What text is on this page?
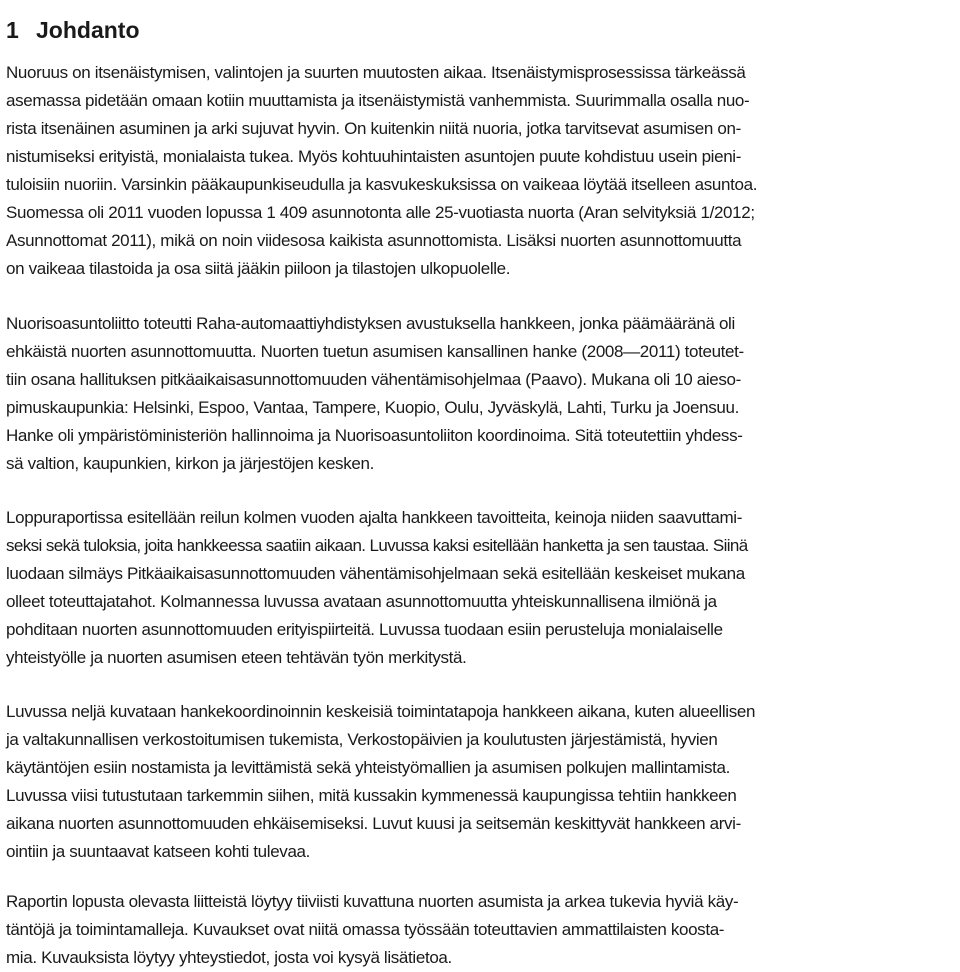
1 Johdanto
Nuoruus on itsenäistymisen, valintojen ja suurten muutosten aikaa. Itsenäistymisprosessissa tärkeässä
asemassa pidetään omaan kotiin muuttamista ja itsenäistymistä vanhemmista. Suurimmalla osalla nuo-
rista itsenäinen asuminen ja arki sujuvat hyvin. On kuitenkin niitä nuoria, jotka tarvitsevat asumisen on-
nistumiseksi erityistä, monialaista tukea. Myös kohtuuhintaisten asuntojen puute kohdistuu usein pieni-
tuloisiin nuoriin. Varsinkin pääkaupunkiseudulla ja kasvukeskuksissa on vaikeaa löytää itselleen asuntoa.
Suomessa oli 2011 vuoden lopussa 1 409 asunnotonta alle 25-vuotiasta nuorta (Aran selvityksiä 1/2012;
Asunnottomat 2011), mikä on noin viidesosa kaikista asunnottomista. Lisäksi nuorten asunnottomuutta
on vaikeaa tilastoida ja osa siitä jääkin piiloon ja tilastojen ulkopuolelle.
Nuorisoasuntoliitto toteutti Raha-automaattiyhdistyksen avustuksella hankkeen, jonka päämääränä oli
ehkäistä nuorten asunnottomuutta. Nuorten tuetun asumisen kansallinen hanke (2008—2011) toteutet-
tiin osana hallituksen pitkäaikaisasunnottomuuden vähentämisohjelmaa (Paavo). Mukana oli 10 aieso-
pimuskaupunkia: Helsinki, Espoo, Vantaa, Tampere, Kuopio, Oulu, Jyväskylä, Lahti, Turku ja Joensuu.
Hanke oli ympäristöministeriön hallinnoima ja Nuorisoasuntoliiton koordinoima. Sitä toteutettiin yhdess-
sä valtion, kaupunkien, kirkon ja järjestöjen kesken.
Loppuraportissa esitellään reilun kolmen vuoden ajalta hankkeen tavoitteita, keinoja niiden saavuttami-
seksi sekä tuloksia, joita hankkeessa saatiin aikaan. Luvussa kaksi esitellään hanketta ja sen taustaa. Siinä
luodaan silmäys Pitkäaikaisasunnottomuuden vähentämisohjelmaan sekä esitellään keskeiset mukana
olleet toteuttajatahot. Kolmannessa luvussa avataan asunnottomuutta yhteiskunnallisena ilmiönä ja
pohditaan nuorten asunnottomuuden erityispiirteitä. Luvussa tuodaan esiin perusteluja monialaiselle
yhteistyölle ja nuorten asumisen eteen tehtävän työn merkitystä.
Luvussa neljä kuvataan hankekoordinoinnin keskeisiä toimintatapoja hankkeen aikana, kuten alueellisen
ja valtakunnallisen verkostoitumisen tukemista, Verkostopäivien ja koulutusten järjestämistä, hyvien
käytäntöjen esiin nostamista ja levittämistä sekä yhteistyömallien ja asumisen polkujen mallintamista.
Luvussa viisi tutustutaan tarkemmin siihen, mitä kussakin kymmenessä kaupungissa tehtiin hankkeen
aikana nuorten asunnottomuuden ehkäisemiseksi. Luvut kuusi ja seitsemän keskittyvät hankkeen arvi-
ointiin ja suuntaavat katseen kohti tulevaa.
Raportin lopusta olevasta liitteistä löytyy tiiviisti kuvattuna nuorten asumista ja arkea tukevia hyviä käy-
täntöjä ja toimintamalleja. Kuvaukset ovat niitä omassa työssään toteuttavien ammattilaisten koosta-
mia. Kuvauksista löytyy yhteystiedot, josta voi kysyä lisätietoa.
